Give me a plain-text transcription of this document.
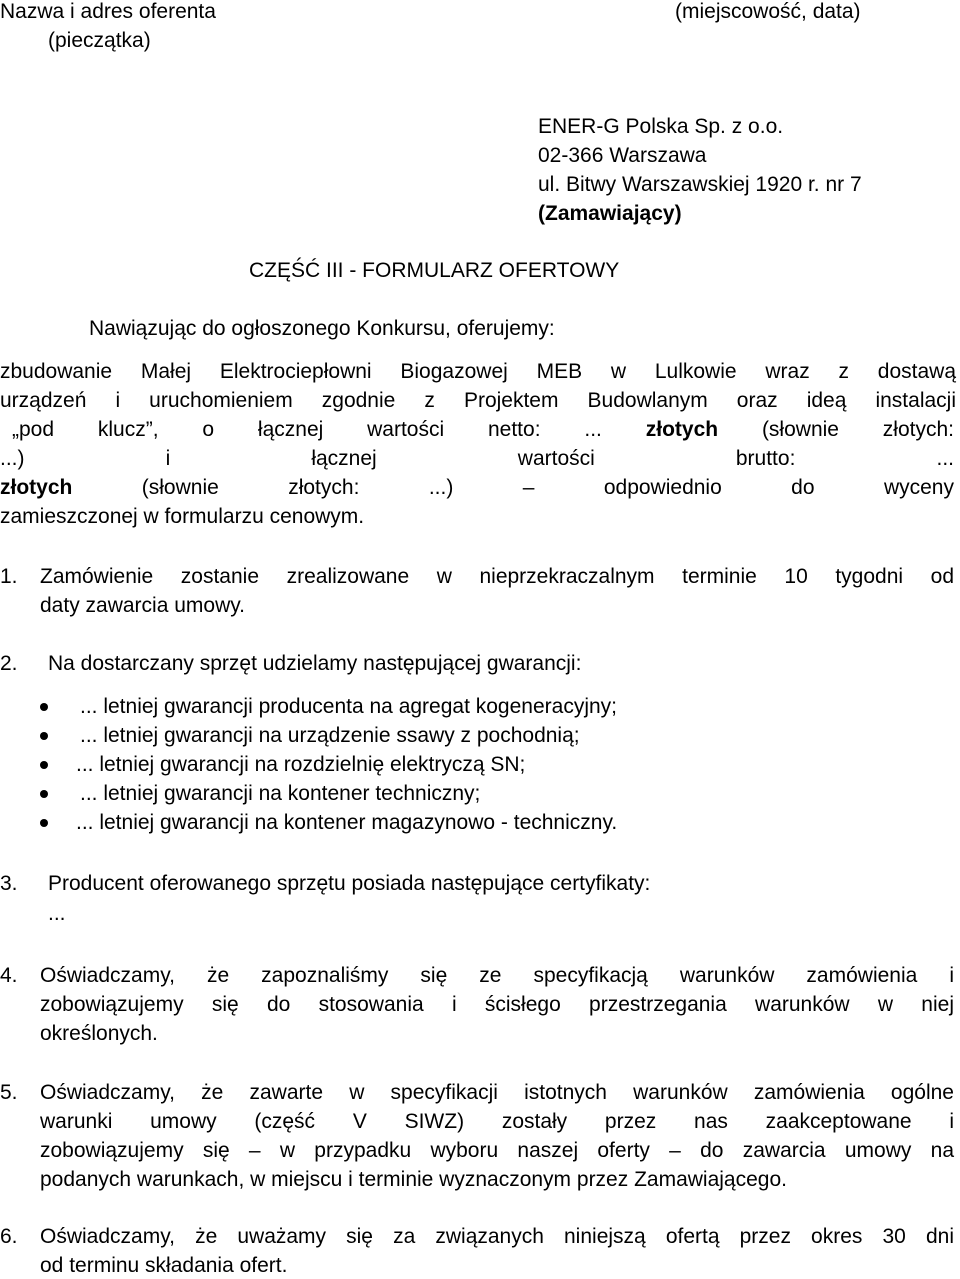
Nazwa i adres oferenta
(pieczątka)
(miejscowość, data)
ENER-G Polska Sp. z o.o.
02-366 Warszawa
ul. Bitwy Warszawskiej 1920 r. nr 7
(Zamawiający)
CZĘŚĆ III - FORMULARZ OFERTOWY
Nawiązując do ogłoszonego Konkursu, oferujemy:
zbudowanie Małej Elektrociepłowni Biogazowej MEB w Lulkowie wraz z dostawą
urządzeń i uruchomieniem zgodnie z Projektem Budowlanym oraz ideą instalacji
„pod klucz”, o łącznej wartości netto: ... złotych (słownie złotych:
...) i łącznej wartości brutto: ...
złotych (słownie złotych: ...) – odpowiednio do wyceny
zamieszczonej w formularzu cenowym.
1. Zamówienie zostanie zrealizowane w nieprzekraczalnym terminie 10 tygodni od
daty zawarcia umowy.
2. Na dostarczany sprzęt udzielamy następującej gwarancji:
... letniej gwarancji producenta na agregat kogeneracyjny;
... letniej gwarancji na urządzenie ssawy z pochodnią;
... letniej gwarancji na rozdzielnię elektryczą SN;
... letniej gwarancji na kontener techniczny;
... letniej gwarancji na kontener magazynowo - techniczny.
3. Producent oferowanego sprzętu posiada następujące certyfikaty:
...
4. Oświadczamy, że zapoznaliśmy się ze specyfikacją warunków zamówienia i
zobowiązujemy się do stosowania i ścisłego przestrzegania warunków w niej
określonych.
5. Oświadczamy, że zawarte w specyfikacji istotnych warunków zamówienia ogólne
warunki umowy (część V SIWZ) zostały przez nas zaakceptowane i
zobowiązujemy się – w przypadku wyboru naszej oferty – do zawarcia umowy na
podanych warunkach, w miejscu i terminie wyznaczonym przez Zamawiającego.
6. Oświadczamy, że uważamy się za związanych niniejszą ofertą przez okres 30 dni
od terminu składania ofert.
